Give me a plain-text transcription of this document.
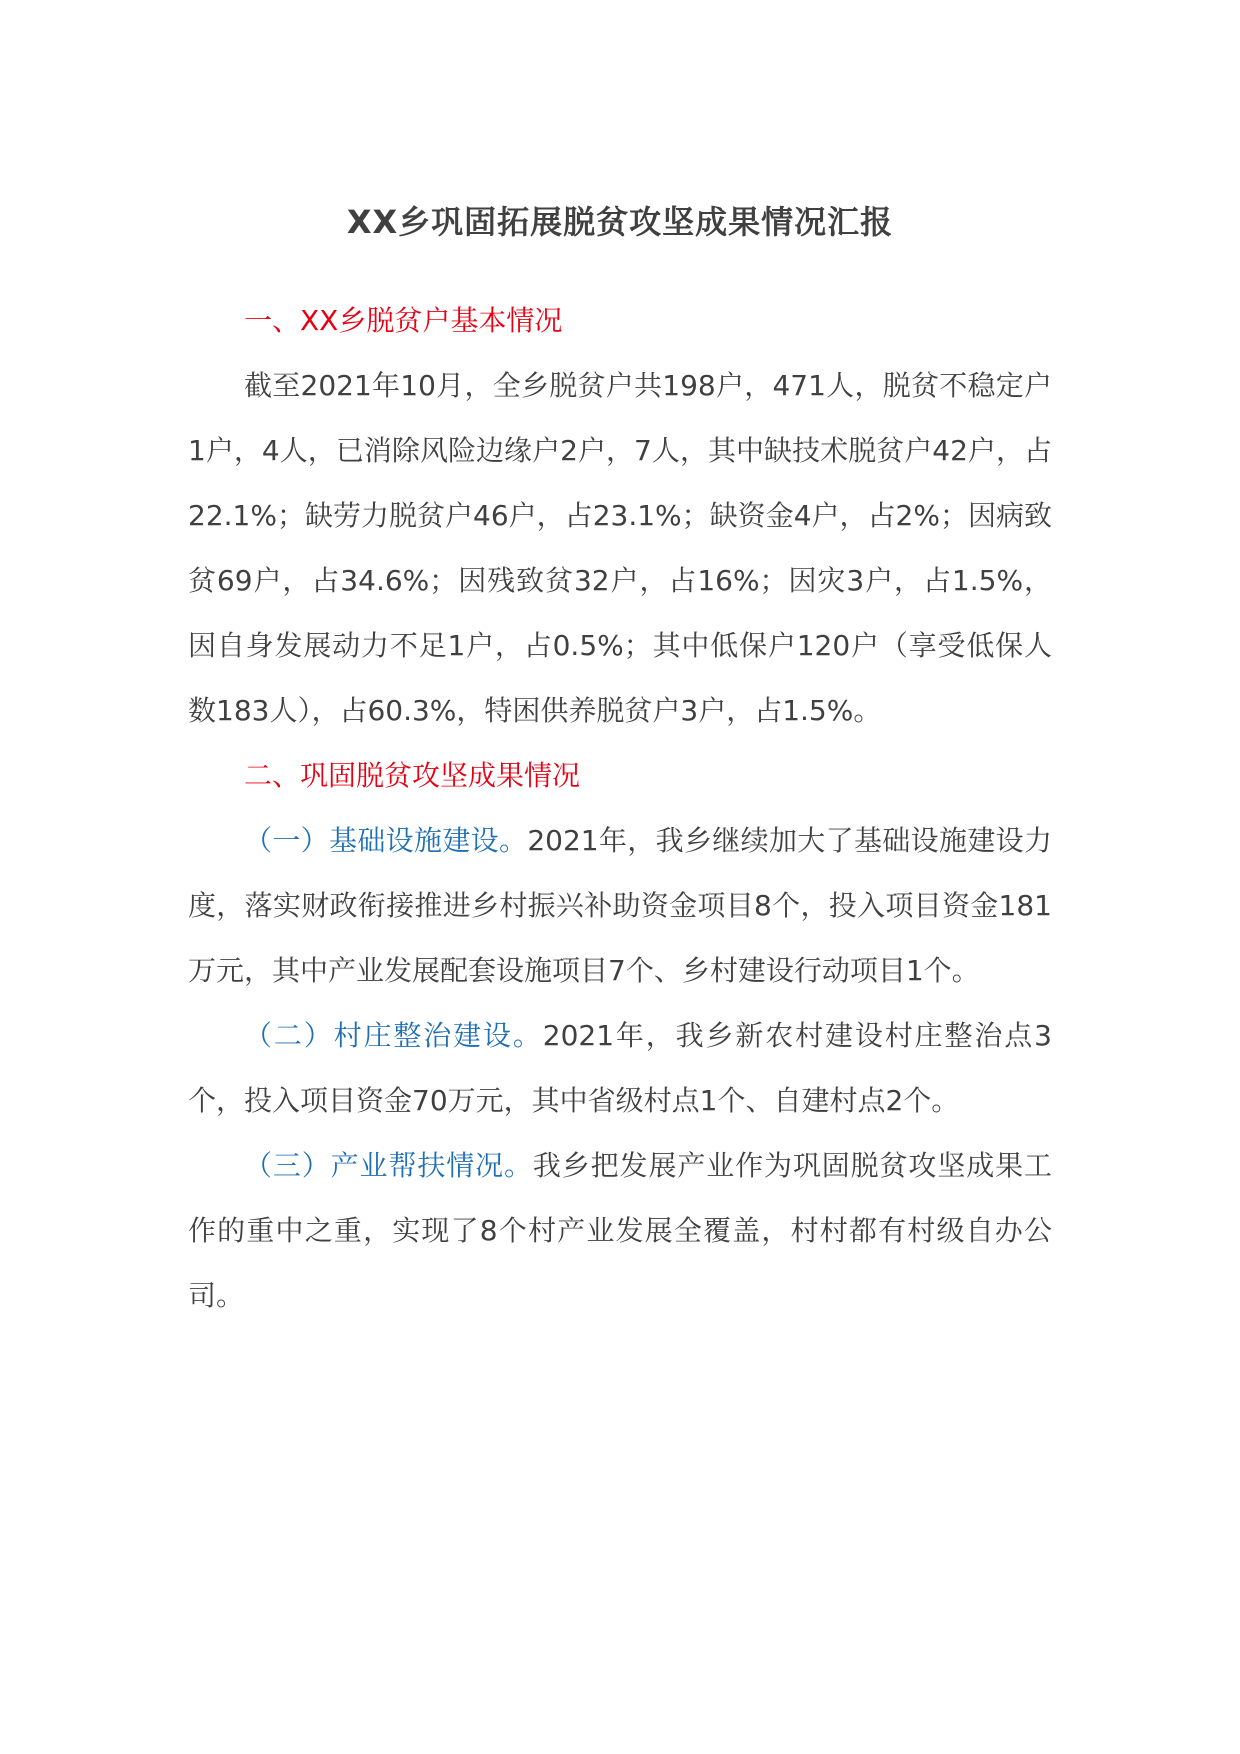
XX乡巩固拓展脱贫攻坚成果情况汇报

一、XX乡脱贫户基本情况

截至2021年10月，全乡脱贫户共198户，471人，脱贫不稳定户1户，4人，已消除风险边缘户2户，7人，其中缺技术脱贫户42户，占22.1%；缺劳力脱贫户46户，占23.1%；缺资金4户，占2%；因病致贫69户，占34.6%；因残致贫32户，占16%；因灾3户，占1.5%，因自身发展动力不足1户，占0.5%；其中低保户120户（享受低保人数183人），占60.3%，特困供养脱贫户3户，占1.5%。

二、巩固脱贫攻坚成果情况

（一）基础设施建设。2021年，我乡继续加大了基础设施建设力度，落实财政衔接推进乡村振兴补助资金项目8个，投入项目资金181万元，其中产业发展配套设施项目7个、乡村建设行动项目1个。

（二）村庄整治建设。2021年，我乡新农村建设村庄整治点3个，投入项目资金70万元，其中省级村点1个、自建村点2个。

（三）产业帮扶情况。我乡把发展产业作为巩固脱贫攻坚成果工作的重中之重，实现了8个村产业发展全覆盖，村村都有村级自办公司。
